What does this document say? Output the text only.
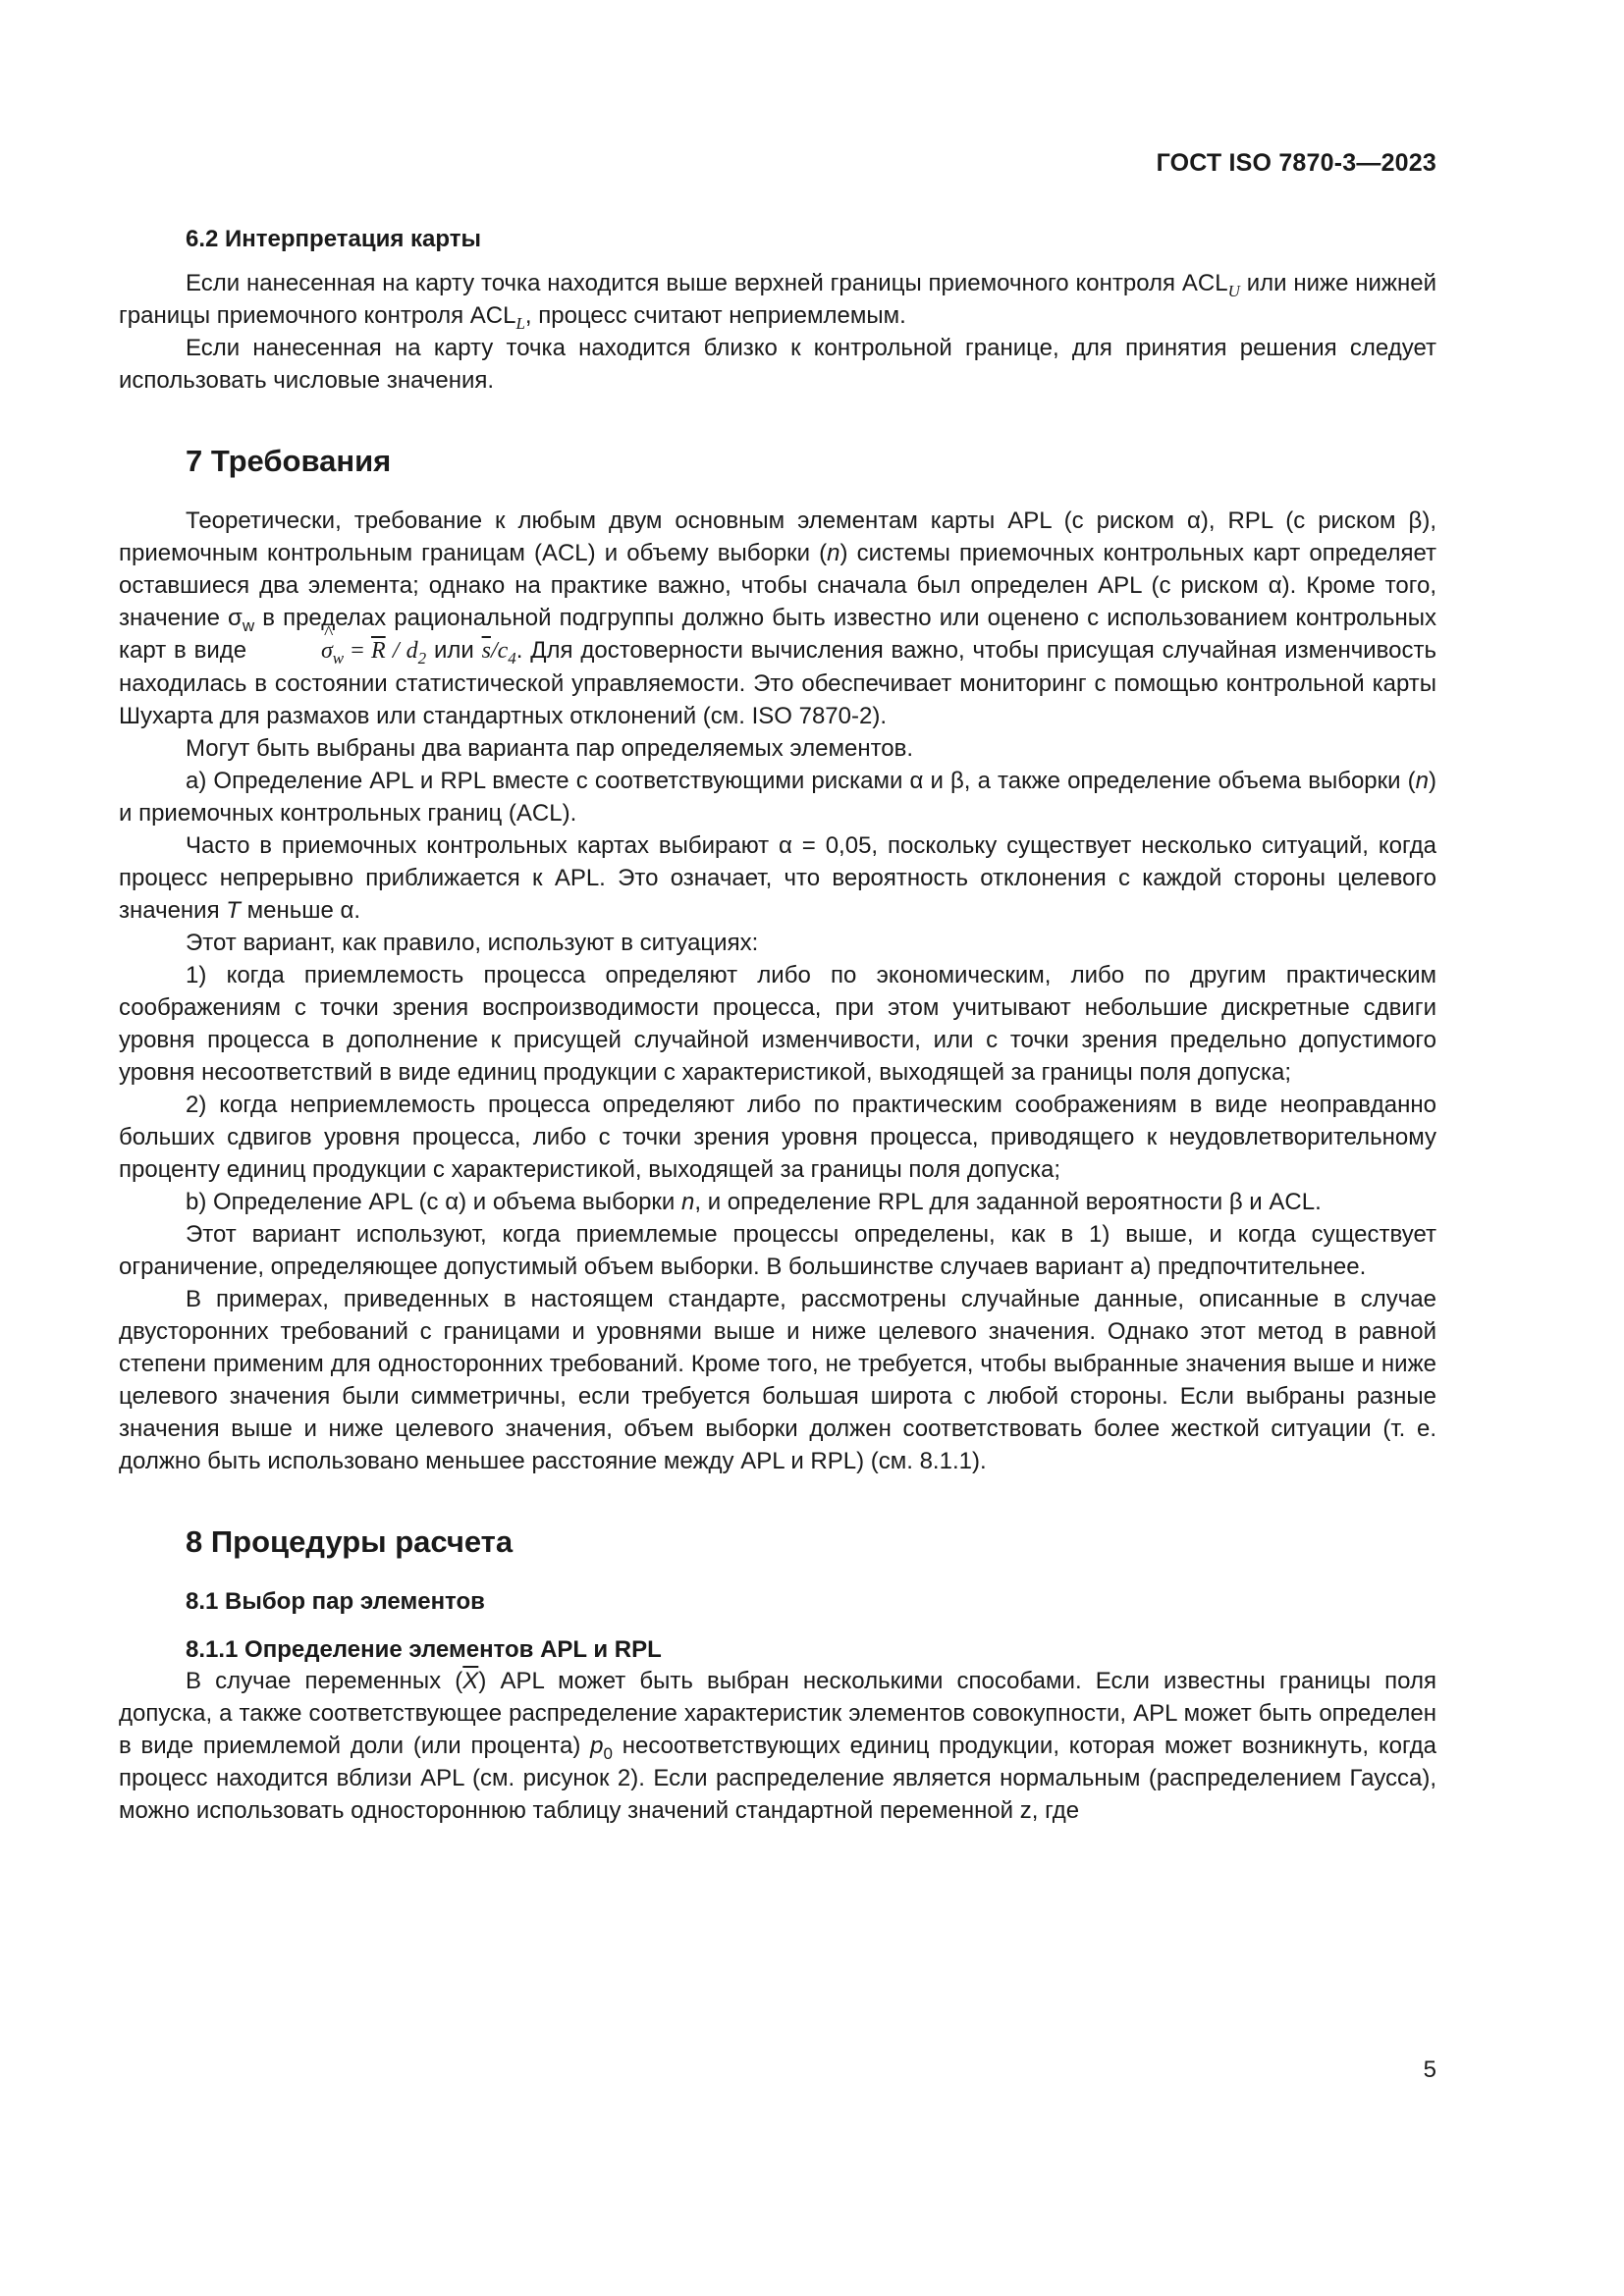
ГОСТ ISO 7870-3—2023
6.2 Интерпретация карты

Если нанесенная на карту точка находится выше верхней границы приемочного контроля $ACL_U$ или ниже нижней границы приемочного контроля $ACL_L$, процесс считают неприемлемым.

Если нанесенная на карту точка находится близко к контрольной границе, для принятия решения следует использовать числовые значения.

7 Требования

Теоретически, требование к любым двум основным элементам карты APL (с риском α), RPL (с риском β), приемочным контрольным границам (ACL) и объему выборки (n) системы приемочных контрольных карт определяет оставшиеся два элемента; однако на практике важно, чтобы сначала был определен APL (с риском α). Кроме того, значение $\sigma_w$ в пределах рациональной подгруппы должно быть известно или оценено с использованием контрольных карт в виде	^ $\sigma_w = \overline{R} / d_2$ или $\overline{s}/c_4$. Для достоверности вычисления важно, чтобы присущая случайная изменчивость находилась в состоянии статистической управляемости. Это обеспечивает мониторинг с помощью контрольной карты Шухарта для размахов или стандартных отклонений (см. ISO 7870-2).

Могут быть выбраны два варианта пар определяемых элементов.

a) Определение APL и RPL вместе с соответствующими рисками α и β, а также определение объема выборки (n) и приемочных контрольных границ (ACL).

Часто в приемочных контрольных картах выбирают α = 0,05, поскольку существует несколько ситуаций, когда процесс непрерывно приближается к APL. Это означает, что вероятность отклонения с каждой стороны целевого значения T меньше α.

Этот вариант, как правило, используют в ситуациях:

1) когда приемлемость процесса определяют либо по экономическим, либо по другим практическим соображениям с точки зрения воспроизводимости процесса, при этом учитывают небольшие дискретные сдвиги уровня процесса в дополнение к присущей случайной изменчивости, или с точки зрения предельно допустимого уровня несоответствий в виде единиц продукции с характеристикой, выходящей за границы поля допуска;

2) когда неприемлемость процесса определяют либо по практическим соображениям в виде неоправданно больших сдвигов уровня процесса, либо с точки зрения уровня процесса, приводящего к неудовлетворительному проценту единиц продукции с характеристикой, выходящей за границы поля допуска;

b) Определение APL (с α) и объема выборки n, и определение RPL для заданной вероятности β и ACL.

Этот вариант используют, когда приемлемые процессы определены, как в 1) выше, и когда существует ограничение, определяющее допустимый объем выборки. В большинстве случаев вариант а) предпочтительнее.

В примерах, приведенных в настоящем стандарте, рассмотрены случайные данные, описанные в случае двусторонних требований с границами и уровнями выше и ниже целевого значения. Однако этот метод в равной степени применим для односторонних требований. Кроме того, не требуется, чтобы выбранные значения выше и ниже целевого значения были симметричны, если требуется большая широта с любой стороны. Если выбраны разные значения выше и ниже целевого значения, объем выборки должен соответствовать более жесткой ситуации (т. е. должно быть использовано меньшее расстояние между APL и RPL) (см. 8.1.1).

8 Процедуры расчета
8.1 Выбор пар элементов
8.1.1 Определение элементов APL и RPL

В случае переменных $(\overline{X})$ APL может быть выбран несколькими способами. Если известны границы поля допуска, а также соответствующее распределение характеристик элементов совокупности, APL может быть определен в виде приемлемой доли (или процента) $p_0$ несоответствующих единиц продукции, которая может возникнуть, когда процесс находится вблизи APL (см. рисунок 2). Если распределение является нормальным (распределением Гаусса), можно использовать одностороннюю таблицу значений стандартной переменной z, где

5
